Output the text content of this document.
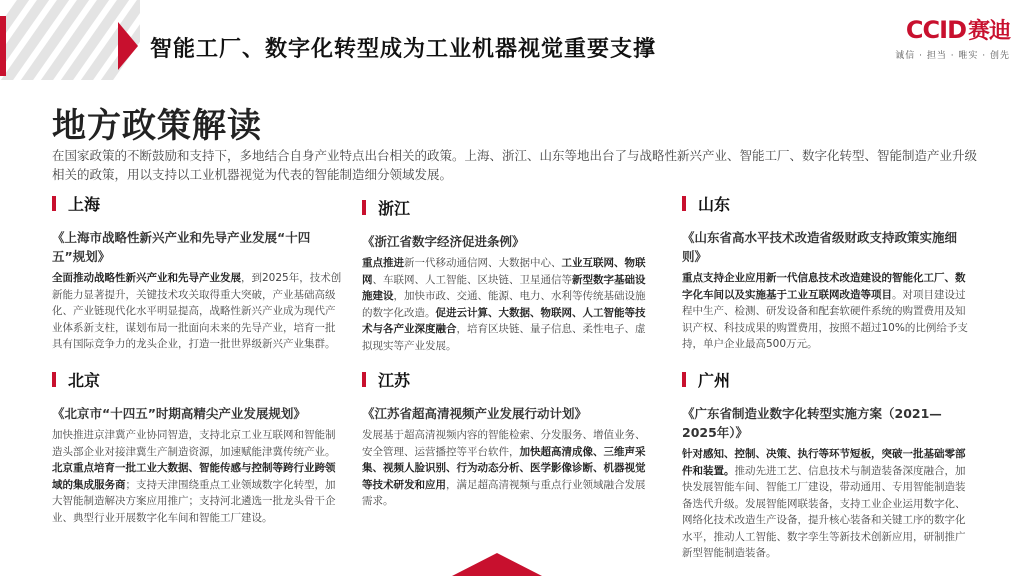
智能工厂、数字化转型成为工业机器视觉重要支撑
CCID赛迪
诚信 · 担当 · 唯实 · 创先
地方政策解读
在国家政策的不断鼓励和支持下，多地结合自身产业特点出台相关的政策。上海、浙江、山东等地出台了与战略性新兴产业、智能工厂、数字化转型、智能制造产业升级相关的政策，用以支持以工业机器视觉为代表的智能制造细分领域发展。
上海
《上海市战略性新兴产业和先导产业发展“十四五”规划》
全面推动战略性新兴产业和先导产业发展，到2025年，技术创新能力显著提升，关键技术攻关取得重大突破，产业基础高级化、产业链现代化水平明显提高，战略性新兴产业成为现代产业体系新支柱，谋划布局一批面向未来的先导产业，培育一批具有国际竞争力的龙头企业，打造一批世界级新兴产业集群。
浙江
《浙江省数字经济促进条例》
重点推进新一代移动通信网、大数据中心、工业互联网、物联网、车联网、人工智能、区块链、卫星通信等新型数字基础设施建设，加快市政、交通、能源、电力、水利等传统基础设施的数字化改造。促进云计算、大数据、物联网、人工智能等技术与各产业深度融合，培育区块链、量子信息、柔性电子、虚拟现实等产业发展。
山东
《山东省高水平技术改造省级财政支持政策实施细则》
重点支持企业应用新一代信息技术改造建设的智能化工厂、数字化车间以及实施基于工业互联网改造等项目。对项目建设过程中生产、检测、研发设备和配套软硬件系统的购置费用及知识产权、科技成果的购置费用，按照不超过10%的比例给予支持，单户企业最高500万元。
北京
《北京市“十四五”时期高精尖产业发展规划》
加快推进京津冀产业协同智造，支持北京工业互联网和智能制造头部企业对接津冀生产制造资源，加速赋能津冀传统产业。北京重点培育一批工业大数据、智能传感与控制等跨行业跨领域的集成服务商；支持天津围绕重点工业领域数字化转型，加大智能制造解决方案应用推广；支持河北遴选一批龙头骨干企业、典型行业开展数字化车间和智能工厂建设。
江苏
《江苏省超高清视频产业发展行动计划》
发展基于超高清视频内容的智能检索、分发服务、增值业务、安全管理、运营播控等平台软件，加快超高清成像、三维声采集、视频人脸识别、行为动态分析、医学影像诊断、机器视觉等技术研发和应用，满足超高清视频与重点行业领域融合发展需求。
广州
《广东省制造业数字化转型实施方案（2021—2025年）》
针对感知、控制、决策、执行等环节短板，突破一批基础零部件和装置。推动先进工艺、信息技术与制造装备深度融合，加快发展智能车间、智能工厂建设，带动通用、专用智能制造装备迭代升级。发展智能网联装备，支持工业企业运用数字化、网络化技术改造生产设备，提升核心装备和关键工序的数字化水平，推动人工智能、数字孪生等新技术创新应用，研制推广新型智能制造装备。
